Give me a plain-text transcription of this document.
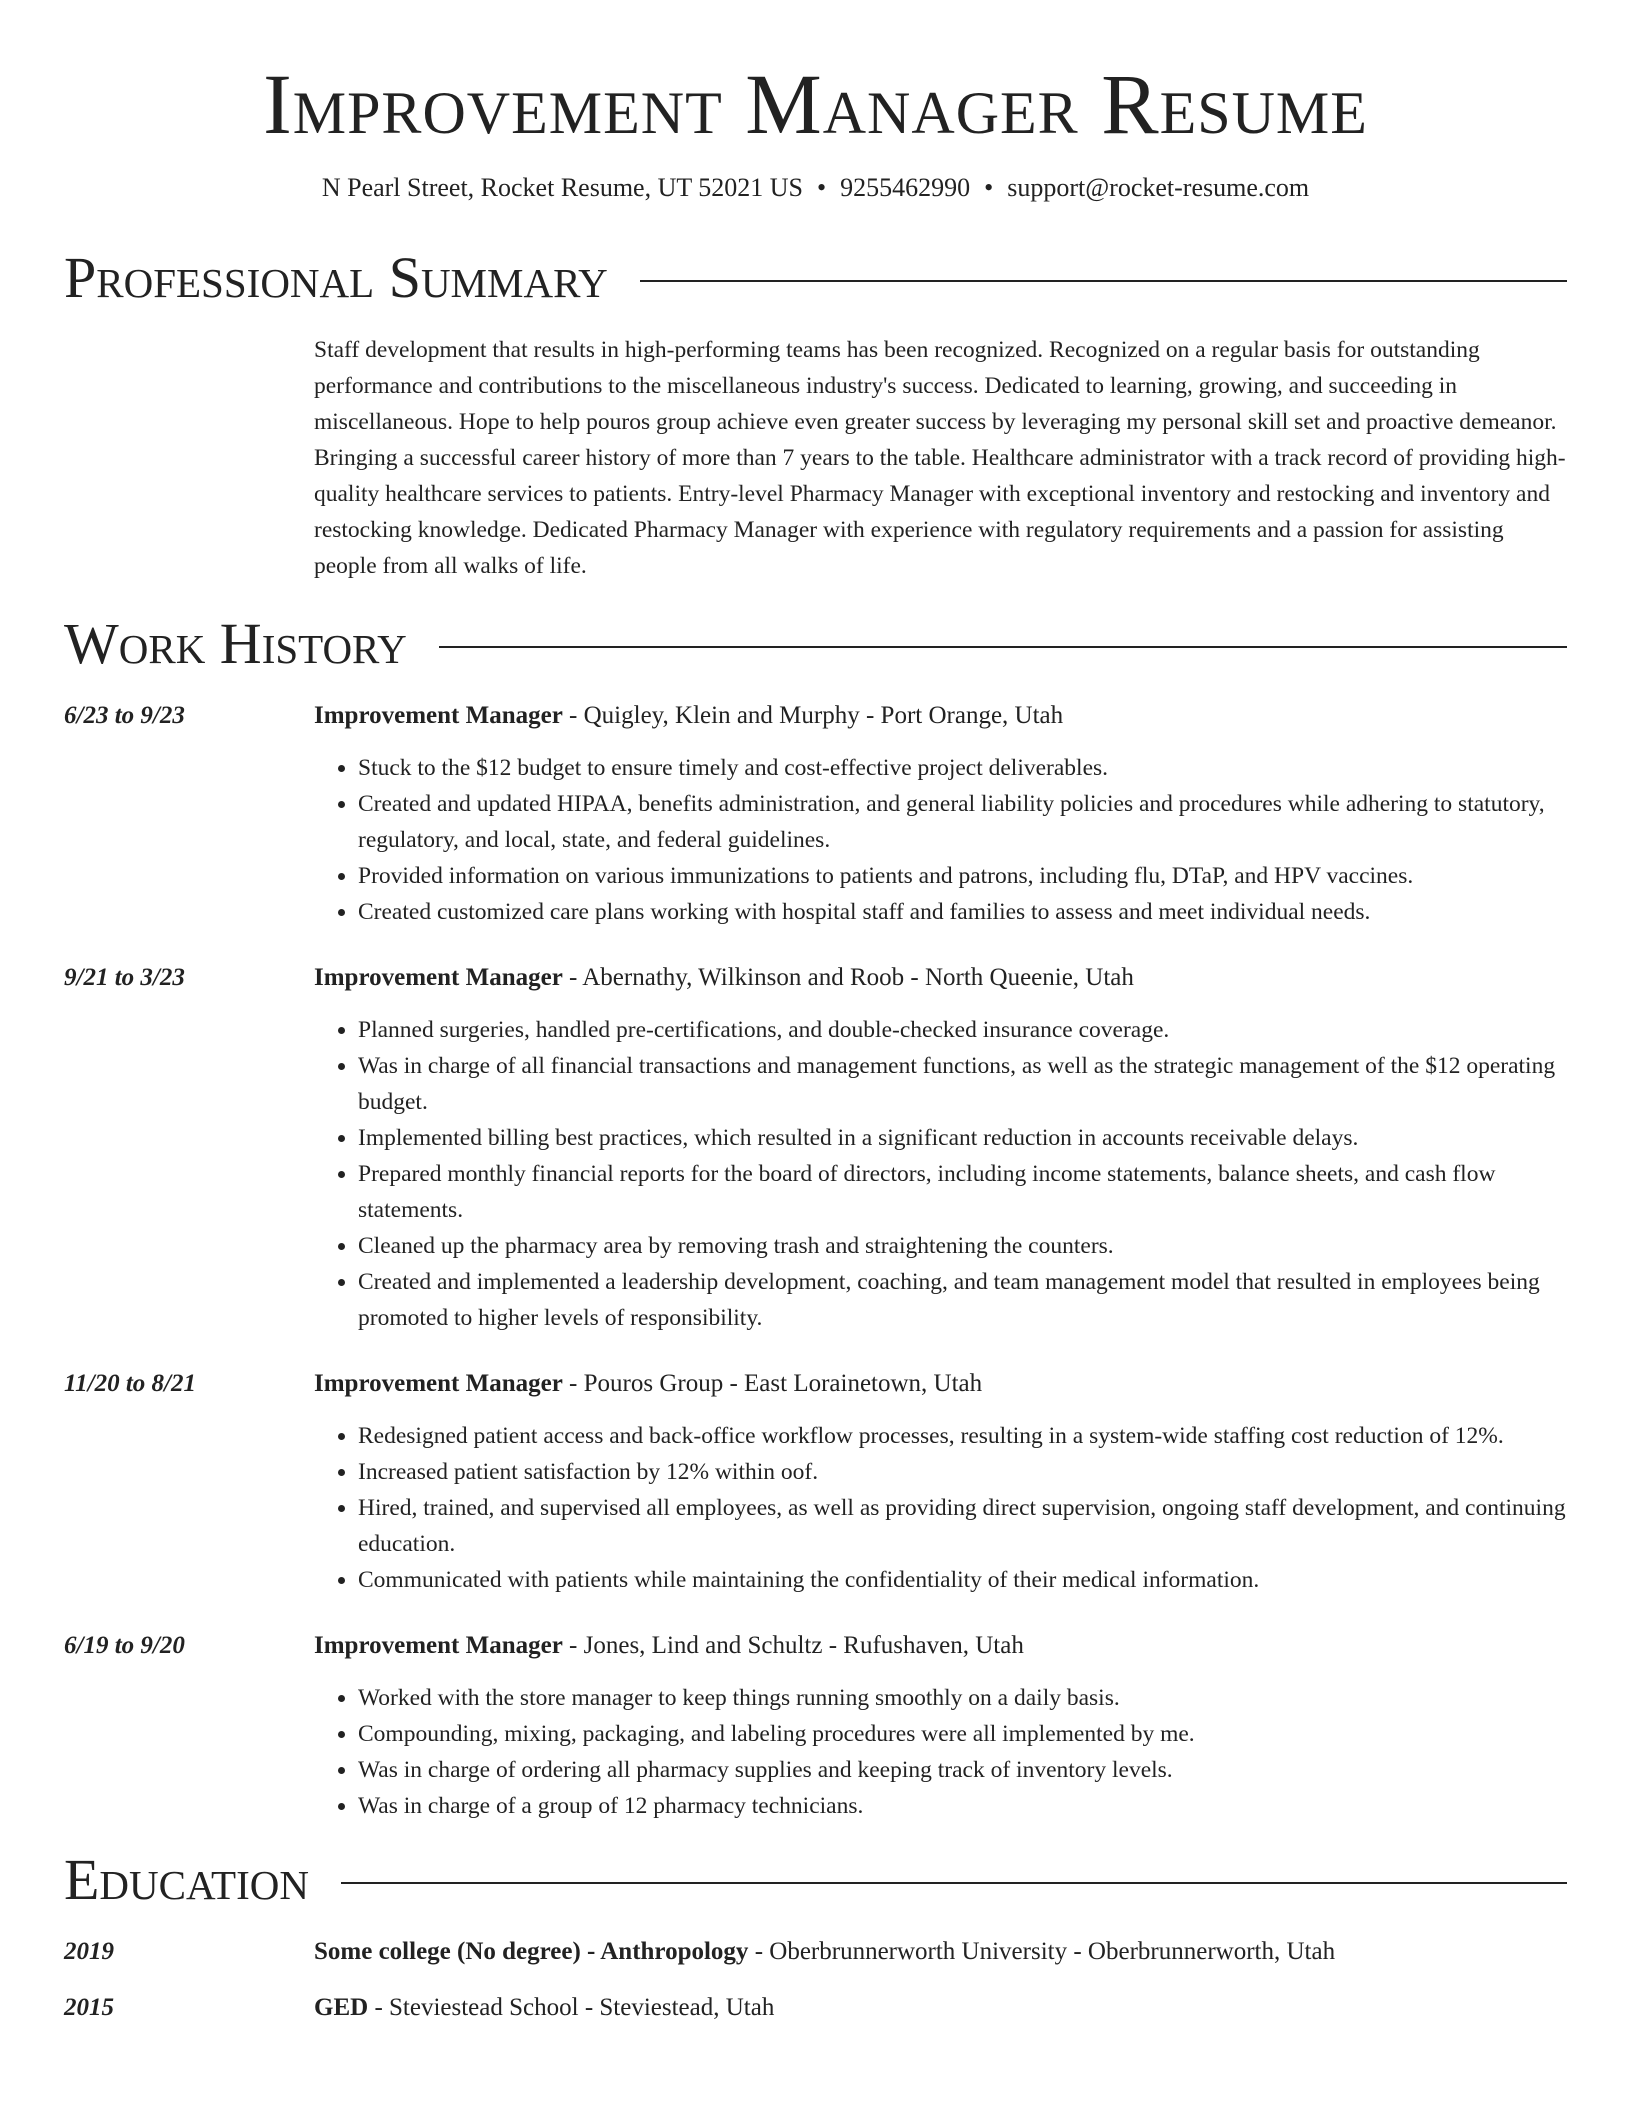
Improvement Manager Resume
N Pearl Street, Rocket Resume, UT 52021 US • 9255462990 • support@rocket-resume.com
Professional Summary
Staff development that results in high-performing teams has been recognized. Recognized on a regular basis for outstanding performance and contributions to the miscellaneous industry's success. Dedicated to learning, growing, and succeeding in miscellaneous. Hope to help pouros group achieve even greater success by leveraging my personal skill set and proactive demeanor. Bringing a successful career history of more than 7 years to the table. Healthcare administrator with a track record of providing high-quality healthcare services to patients. Entry-level Pharmacy Manager with exceptional inventory and restocking and inventory and restocking knowledge. Dedicated Pharmacy Manager with experience with regulatory requirements and a passion for assisting people from all walks of life.
Work History
6/23 to 9/23	Improvement Manager - Quigley, Klein and Murphy - Port Orange, Utah
• Stuck to the $12 budget to ensure timely and cost-effective project deliverables.
• Created and updated HIPAA, benefits administration, and general liability policies and procedures while adhering to statutory, regulatory, and local, state, and federal guidelines.
• Provided information on various immunizations to patients and patrons, including flu, DTaP, and HPV vaccines.
• Created customized care plans working with hospital staff and families to assess and meet individual needs.
9/21 to 3/23	Improvement Manager - Abernathy, Wilkinson and Roob - North Queenie, Utah
• Planned surgeries, handled pre-certifications, and double-checked insurance coverage.
• Was in charge of all financial transactions and management functions, as well as the strategic management of the $12 operating budget.
• Implemented billing best practices, which resulted in a significant reduction in accounts receivable delays.
• Prepared monthly financial reports for the board of directors, including income statements, balance sheets, and cash flow statements.
• Cleaned up the pharmacy area by removing trash and straightening the counters.
• Created and implemented a leadership development, coaching, and team management model that resulted in employees being promoted to higher levels of responsibility.
11/20 to 8/21	Improvement Manager - Pouros Group - East Lorainetown, Utah
• Redesigned patient access and back-office workflow processes, resulting in a system-wide staffing cost reduction of 12%.
• Increased patient satisfaction by 12% within oof.
• Hired, trained, and supervised all employees, as well as providing direct supervision, ongoing staff development, and continuing education.
• Communicated with patients while maintaining the confidentiality of their medical information.
6/19 to 9/20	Improvement Manager - Jones, Lind and Schultz - Rufushaven, Utah
• Worked with the store manager to keep things running smoothly on a daily basis.
• Compounding, mixing, packaging, and labeling procedures were all implemented by me.
• Was in charge of ordering all pharmacy supplies and keeping track of inventory levels.
• Was in charge of a group of 12 pharmacy technicians.
Education
2019	Some college (No degree) - Anthropology - Oberbrunnerworth University - Oberbrunnerworth, Utah
2015	GED - Steviestead School - Steviestead, Utah
